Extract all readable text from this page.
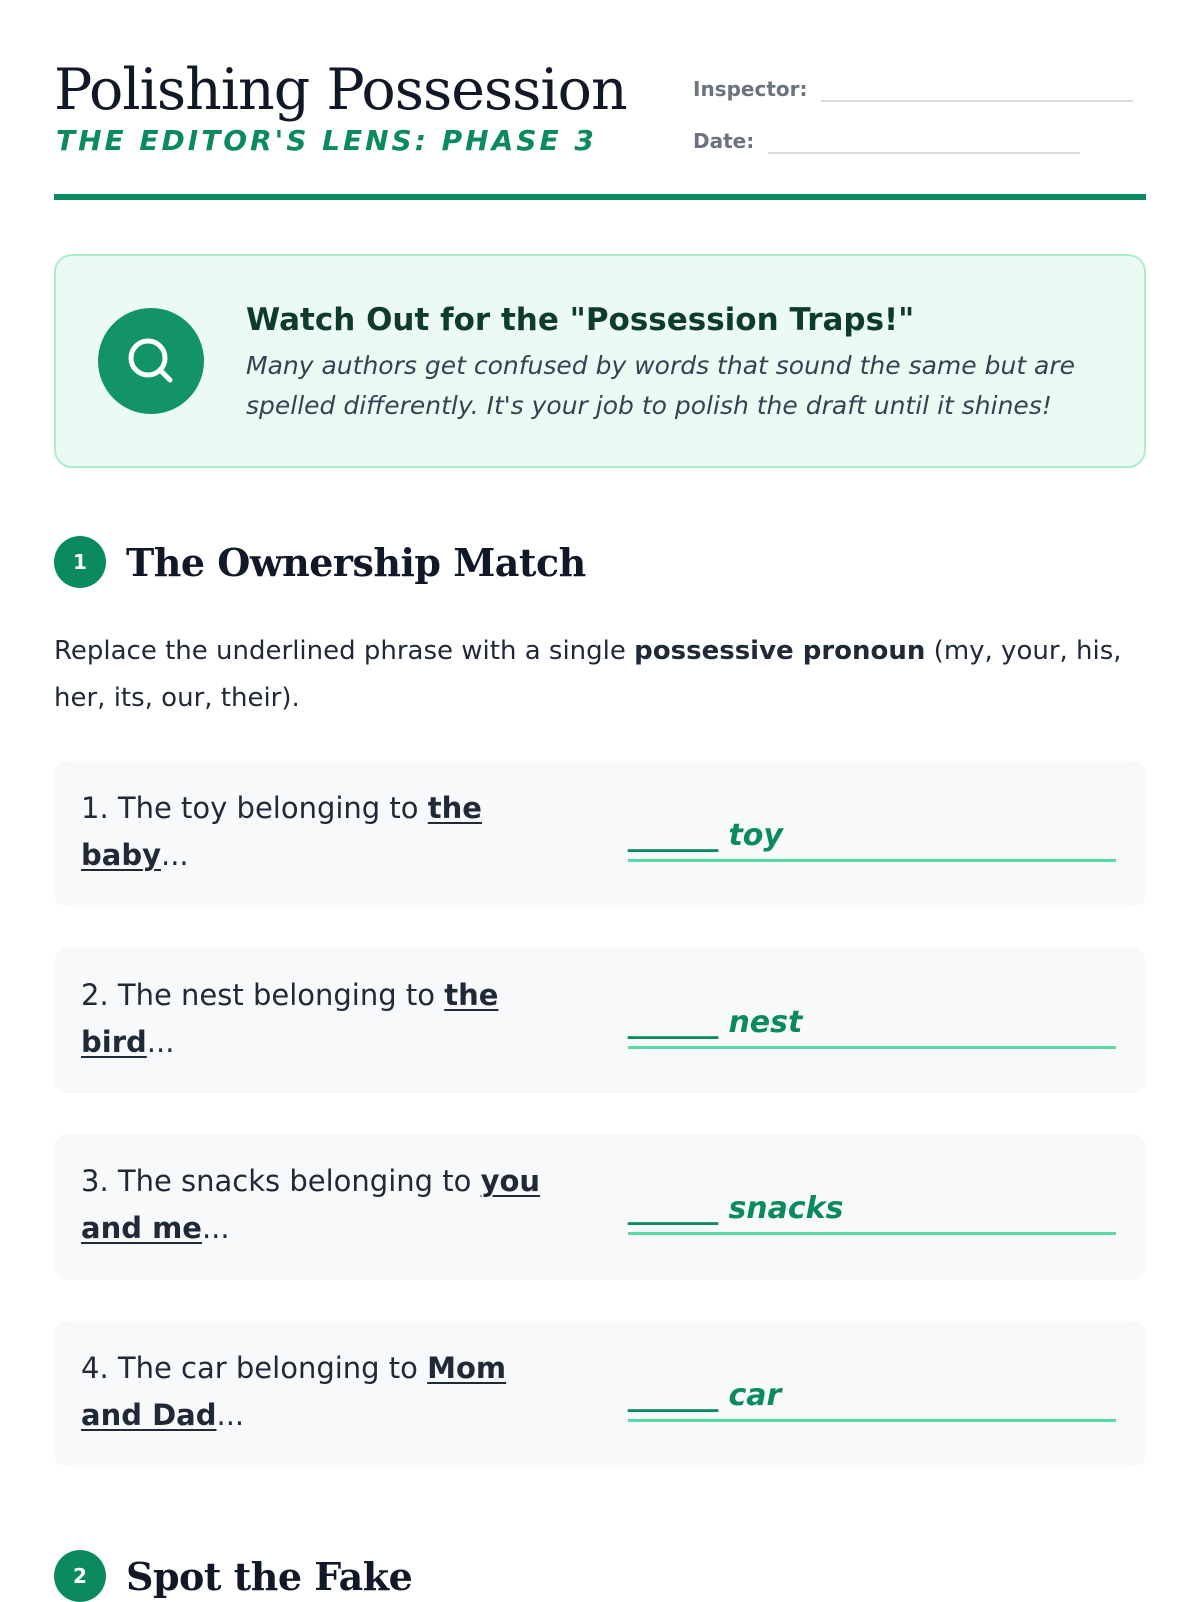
Polishing Possession
THE EDITOR'S LENS: PHASE 3
Inspector:
Date:
Watch Out for the "Possession Traps!"
Many authors get confused by words that sound the same but are spelled differently. It's your job to polish the draft until it shines!
1	The Ownership Match
Replace the underlined phrase with a single possessive pronoun (my, your, his, her, its, our, their).
1. The toy belonging to the baby...
______ toy
2. The nest belonging to the bird...
______ nest
3. The snacks belonging to you and me...
______ snacks
4. The car belonging to Mom and Dad...
______ car
2	Spot the Fake
